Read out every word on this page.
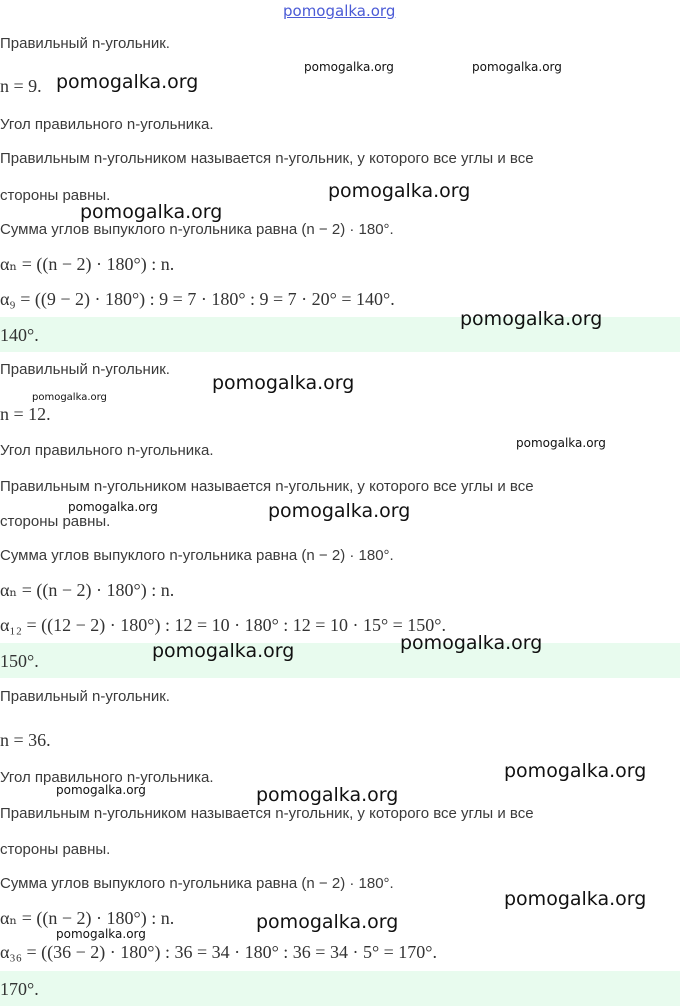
pomogalka.org
Правильный n-угольник.
n = 9.
Угол правильного n-угольника.
Правильным n-угольником называется n-угольник, у которого все углы и все
стороны равны.
Сумма углов выпуклого n-угольника равна (n − 2) · 180°.
αₙ = ((n − 2) · 180°) : n.
α₉ = ((9 − 2) · 180°) : 9 = 7 · 180° : 9 = 7 · 20° = 140°.
140°.
Правильный n-угольник.
n = 12.
Угол правильного n-угольника.
Правильным n-угольником называется n-угольник, у которого все углы и все
стороны равны.
Сумма углов выпуклого n-угольника равна (n − 2) · 180°.
αₙ = ((n − 2) · 180°) : n.
α₁₂ = ((12 − 2) · 180°) : 12 = 10 · 180° : 12 = 10 · 15° = 150°.
150°.
Правильный n-угольник.
n = 36.
Угол правильного n-угольника.
Правильным n-угольником называется n-угольник, у которого все углы и все
стороны равны.
Сумма углов выпуклого n-угольника равна (n − 2) · 180°.
αₙ = ((n − 2) · 180°) : n.
α₃₆ = ((36 − 2) · 180°) : 36 = 34 · 180° : 36 = 34 · 5° = 170°.
170°.
pomogalka.org
pomogalka.org	pomogalka.org
pomogalka.org
pomogalka.org
pomogalka.org
pomogalka.org
pomogalka.org
pomogalka.org
pomogalka.org	pomogalka.org
pomogalka.org
pomogalka.org
pomogalka.org
pomogalka.org	pomogalka.org
pomogalka.org
pomogalka.org
pomogalka.org
